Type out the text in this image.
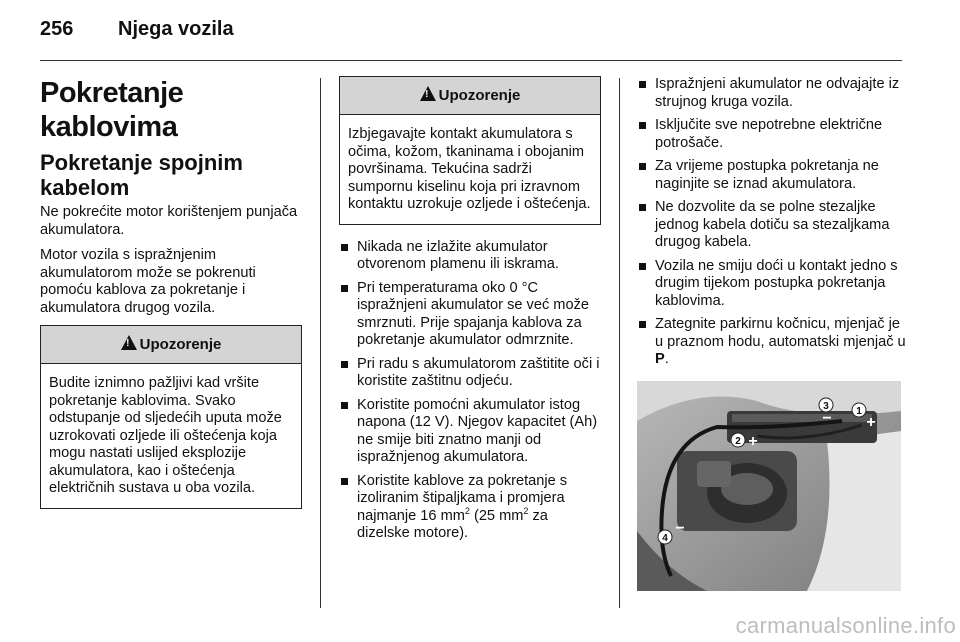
256 Njega vozila
Pokretanje kablovima
Pokretanje spojnim kabelom

Ne pokrećite motor korištenjem punjača akumulatora.

Motor vozila s ispražnjenim akumulatorom može se pokrenuti pomoću kablova za pokretanje i akumulatora drugog vozila.

!Upozorenje
Budite iznimno pažljivi kad vršite pokretanje kablovima. Svako odstupanje od sljedećih uputa može uzrokovati ozljede ili oštećenja koja mogu nastati uslijed eksplozije akumulatora, kao i oštećenja električnih sustava u oba vozila.
!Upozorenje
Izbjegavajte kontakt akumulatora s očima, kožom, tkaninama i obojanim površinama. Tekućina sadrži sumpornu kiselinu koja pri izravnom kontaktu uzrokuje ozljede i oštećenja.
Nikada ne izlažite akumulator otvorenom plamenu ili iskrama.
Pri temperaturama oko 0 °C ispražnjeni akumulator se već može smrznuti. Prije spajanja kablova za pokretanje akumulator odmrznite.
Pri radu s akumulatorom zaštitite oči i koristite zaštitnu odjeću.
Koristite pomoćni akumulator istog napona (12 V). Njegov kapacitet (Ah) ne smije biti znatno manji od ispražnjenog akumulatora.
Koristite kablove za pokretanje s izoliranim štipaljkama i promjera najmanje 16 $mm^2$ (25 $mm^2$ za dizelske motore).
Ispražnjeni akumulator ne odvajajte iz strujnog kruga vozila.
Isključite sve nepotrebne električne potrošače.
Za vrijeme postupka pokretanja ne naginjite se iznad akumulatora.
Ne dozvolite da se polne stezaljke jednog kabela dotiču sa stezaljkama drugog kabela.
Vozila ne smiju doći u kontakt jedno s drugim tijekom postupka pokretanja kablovima.
Zategnite parkirnu kočnicu, mjenjač je u praznom hodu, automatski mjenjač u P.
1
2
3
4
+
+
−
−
carmanualsonline.info
